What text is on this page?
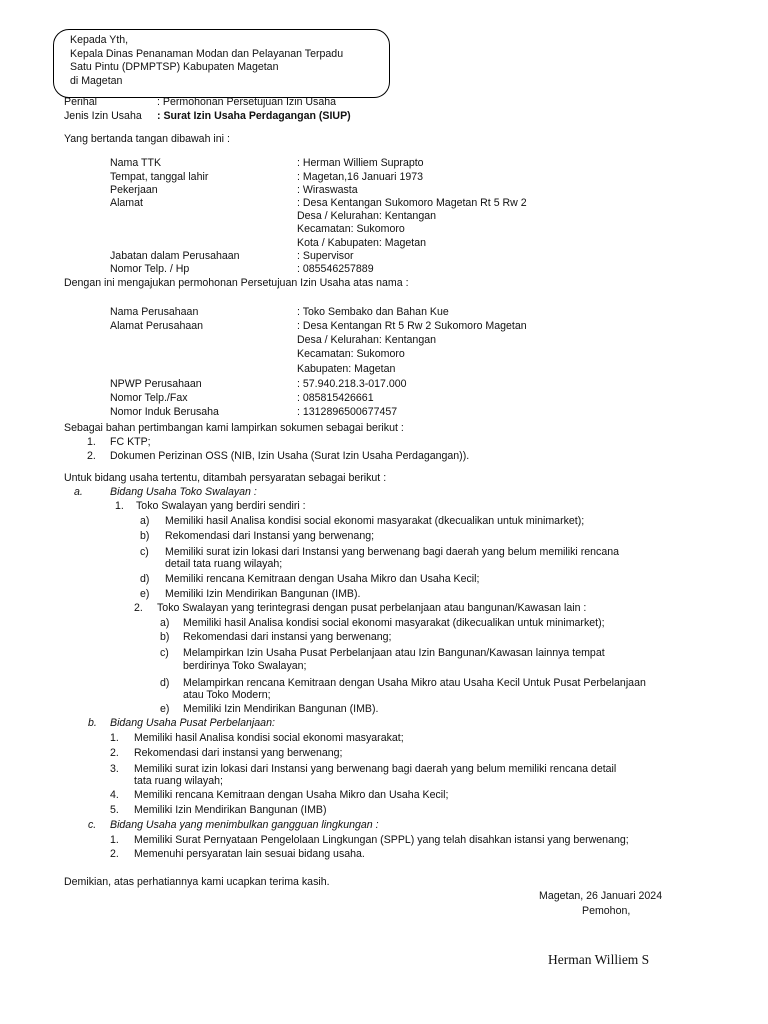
Kepada Yth,
Kepala Dinas Penanaman Modan dan Pelayanan Terpadu
Satu Pintu (DPMPTSP) Kabupaten Magetan
di Magetan
Perihal	: Permohonan Persetujuan Izin Usaha
Jenis Izin Usaha : Surat Izin Usaha Perdagangan (SIUP)
Yang bertanda tangan dibawah ini :
Nama TTK	: Herman Williem Suprapto
Tempat, tanggal lahir	: Magetan,16 Januari 1973
Pekerjaan	: Wiraswasta
Alamat	: Desa Kentangan Sukomoro Magetan Rt 5 Rw 2
Desa / Kelurahan: Kentangan
Kecamatan: Sukomoro
Kota / Kabupaten: Magetan
Jabatan dalam Perusahaan	: Supervisor
Nomor Telp. / Hp	: 085546257889
Dengan ini mengajukan permohonan Persetujuan Izin Usaha atas nama :
Nama Perusahaan	: Toko Sembako dan Bahan Kue
Alamat Perusahaan	: Desa Kentangan Rt 5 Rw 2 Sukomoro Magetan
Desa / Kelurahan: Kentangan
Kecamatan: Sukomoro
Kabupaten: Magetan
NPWP Perusahaan	: 57.940.218.3-017.000
Nomor Telp./Fax	: 085815426661
Nomor Induk Berusaha	: 1312896500677457
Sebagai bahan pertimbangan kami lampirkan sokumen sebagai berikut :
1. FC KTP;
2. Dokumen Perizinan OSS (NIB, Izin Usaha (Surat Izin Usaha Perdagangan)).
Untuk bidang usaha tertentu, ditambah persyaratan sebagai berikut :
a.	Bidang Usaha Toko Swalayan :
1. Toko Swalayan yang berdiri sendiri :
a) Memiliki hasil Analisa kondisi social ekonomi masyarakat (dkecualikan untuk minimarket);
b) Rekomendasi dari Instansi yang berwenang;
c) Memiliki surat izin lokasi dari Instansi yang berwenang bagi daerah yang belum memiliki rencana
detail tata ruang wilayah;
d) Memiliki rencana Kemitraan dengan Usaha Mikro dan Usaha Kecil;
e) Memiliki Izin Mendirikan Bangunan (IMB).
2. Toko Swalayan yang terintegrasi dengan pusat perbelanjaan atau bangunan/Kawasan lain :
a) Memiliki hasil Analisa kondisi social ekonomi masyarakat (dikecualikan untuk minimarket);
b) Rekomendasi dari instansi yang berwenang;
c) Melampirkan Izin Usaha Pusat Perbelanjaan atau Izin Bangunan/Kawasan lainnya tempat
berdirinya Toko Swalayan;
d) Melampirkan rencana Kemitraan dengan Usaha Mikro atau Usaha Kecil Untuk Pusat Perbelanjaan
atau Toko Modern;
e) Memiliki Izin Mendirikan Bangunan (IMB).
b. Bidang Usaha Pusat Perbelanjaan:
1. Memiliki hasil Analisa kondisi social ekonomi masyarakat;
2. Rekomendasi dari instansi yang berwenang;
3. Memiliki surat izin lokasi dari Instansi yang berwenang bagi daerah yang belum memiliki rencana detail
tata ruang wilayah;
4. Memiliki rencana Kemitraan dengan Usaha Mikro dan Usaha Kecil;
5. Memiliki Izin Mendirikan Bangunan (IMB)
c. Bidang Usaha yang menimbulkan gangguan lingkungan :
1. Memiliki Surat Pernyataan Pengelolaan Lingkungan (SPPL) yang telah disahkan istansi yang berwenang;
2. Memenuhi persyaratan lain sesuai bidang usaha.
Demikian, atas perhatiannya kami ucapkan terima kasih.
Magetan, 26 Januari 2024
Pemohon,
Herman Williem S
